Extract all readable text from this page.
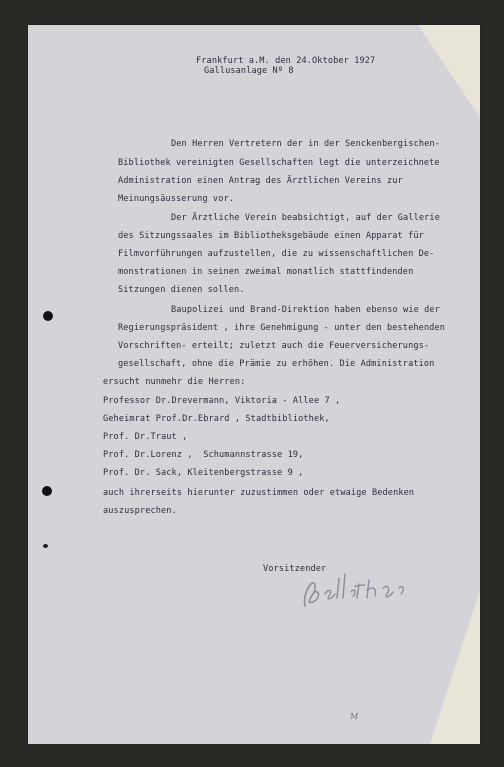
Frankfurt a.M. den 24.Oktober 1927
Gallusanlage Nº 8
Den Herren Vertretern der in der Senckenbergischen-
Bibliothek vereinigten Gesellschaften legt die unterzeichnete
Administration einen Antrag des Ärztlichen Vereins zur
Meinungsäusserung vor.
Der Ärztliche Verein beabsichtigt, auf der Gallerie
des Sitzungssaales im Bibliotheksgebäude einen Apparat für
Filmvorführungen aufzustellen, die zu wissenschaftlichen De-
monstrationen in seinen zweimal monatlich stattfindenden
Sitzungen dienen sollen.
Baupolizei und Brand-Direktion haben ebenso wie der
Regierungspräsident , ihre Genehmigung - unter den bestehenden
Vorschriften- erteilt; zuletzt auch die Feuerversicherungs-
gesellschaft, ohne die Prämie zu erhöhen. Die Administration
ersucht nunmehr die Herren:
Professor Dr.Drevermann, Viktoria - Allee 7 ,
Geheimrat Prof.Dr.Ebrard , Stadtbibliothek,
Prof. Dr.Traut ,
Prof. Dr.Lorenz ,  Schumannstrasse 19,
Prof. Dr. Sack, Kleitenbergstrasse 9 ,
auch ihrerseits hierunter zuzustimmen oder etwaige Bedenken
auszusprechen.
Vorsitzender
M
